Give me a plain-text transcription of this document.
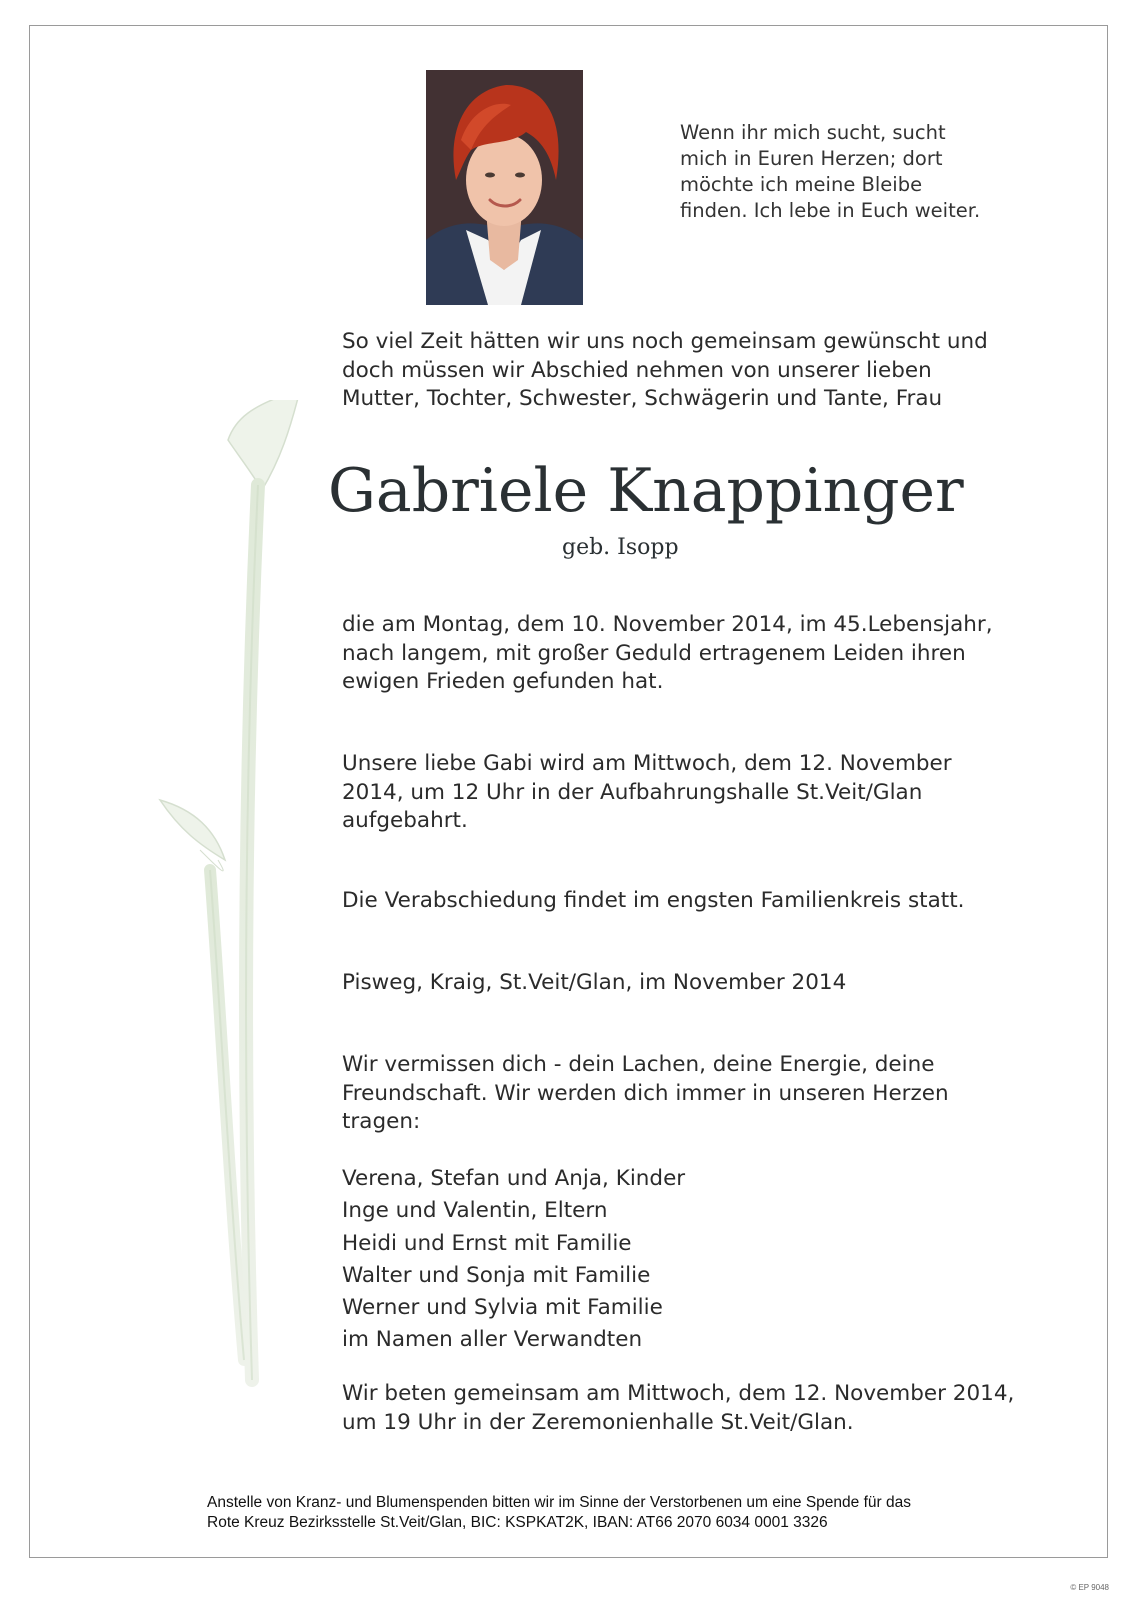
Wenn ihr mich sucht, sucht
mich in Euren Herzen; dort
möchte ich meine Bleibe
finden. Ich lebe in Euch weiter.
So viel Zeit hätten wir uns noch gemeinsam gewünscht und
doch müssen wir Abschied nehmen von unserer lieben
Mutter, Tochter, Schwester, Schwägerin und Tante, Frau
Gabriele Knappinger
geb. Isopp
die am Montag, dem 10. November 2014, im 45.Lebensjahr,
nach langem, mit großer Geduld ertragenem Leiden ihren
ewigen Frieden gefunden hat.
Unsere liebe Gabi wird am Mittwoch, dem 12. November
2014, um 12 Uhr in der Aufbahrungshalle St.Veit/Glan
aufgebahrt.
Die Verabschiedung findet im engsten Familienkreis statt.
Pisweg, Kraig, St.Veit/Glan, im November 2014
Wir vermissen dich - dein Lachen, deine Energie, deine
Freundschaft. Wir werden dich immer in unseren Herzen
tragen:
Verena, Stefan und Anja, Kinder
Inge und Valentin, Eltern
Heidi und Ernst mit Familie
Walter und Sonja mit Familie
Werner und Sylvia mit Familie
im Namen aller Verwandten
Wir beten gemeinsam am Mittwoch, dem 12. November 2014,
um 19 Uhr in der Zeremonienhalle St.Veit/Glan.
Anstelle von Kranz- und Blumenspenden bitten wir im Sinne der Verstorbenen um eine Spende für das
Rote Kreuz Bezirksstelle St.Veit/Glan, BIC: KSPKAT2K, IBAN: AT66 2070 6034 0001 3326
© EP 9048
